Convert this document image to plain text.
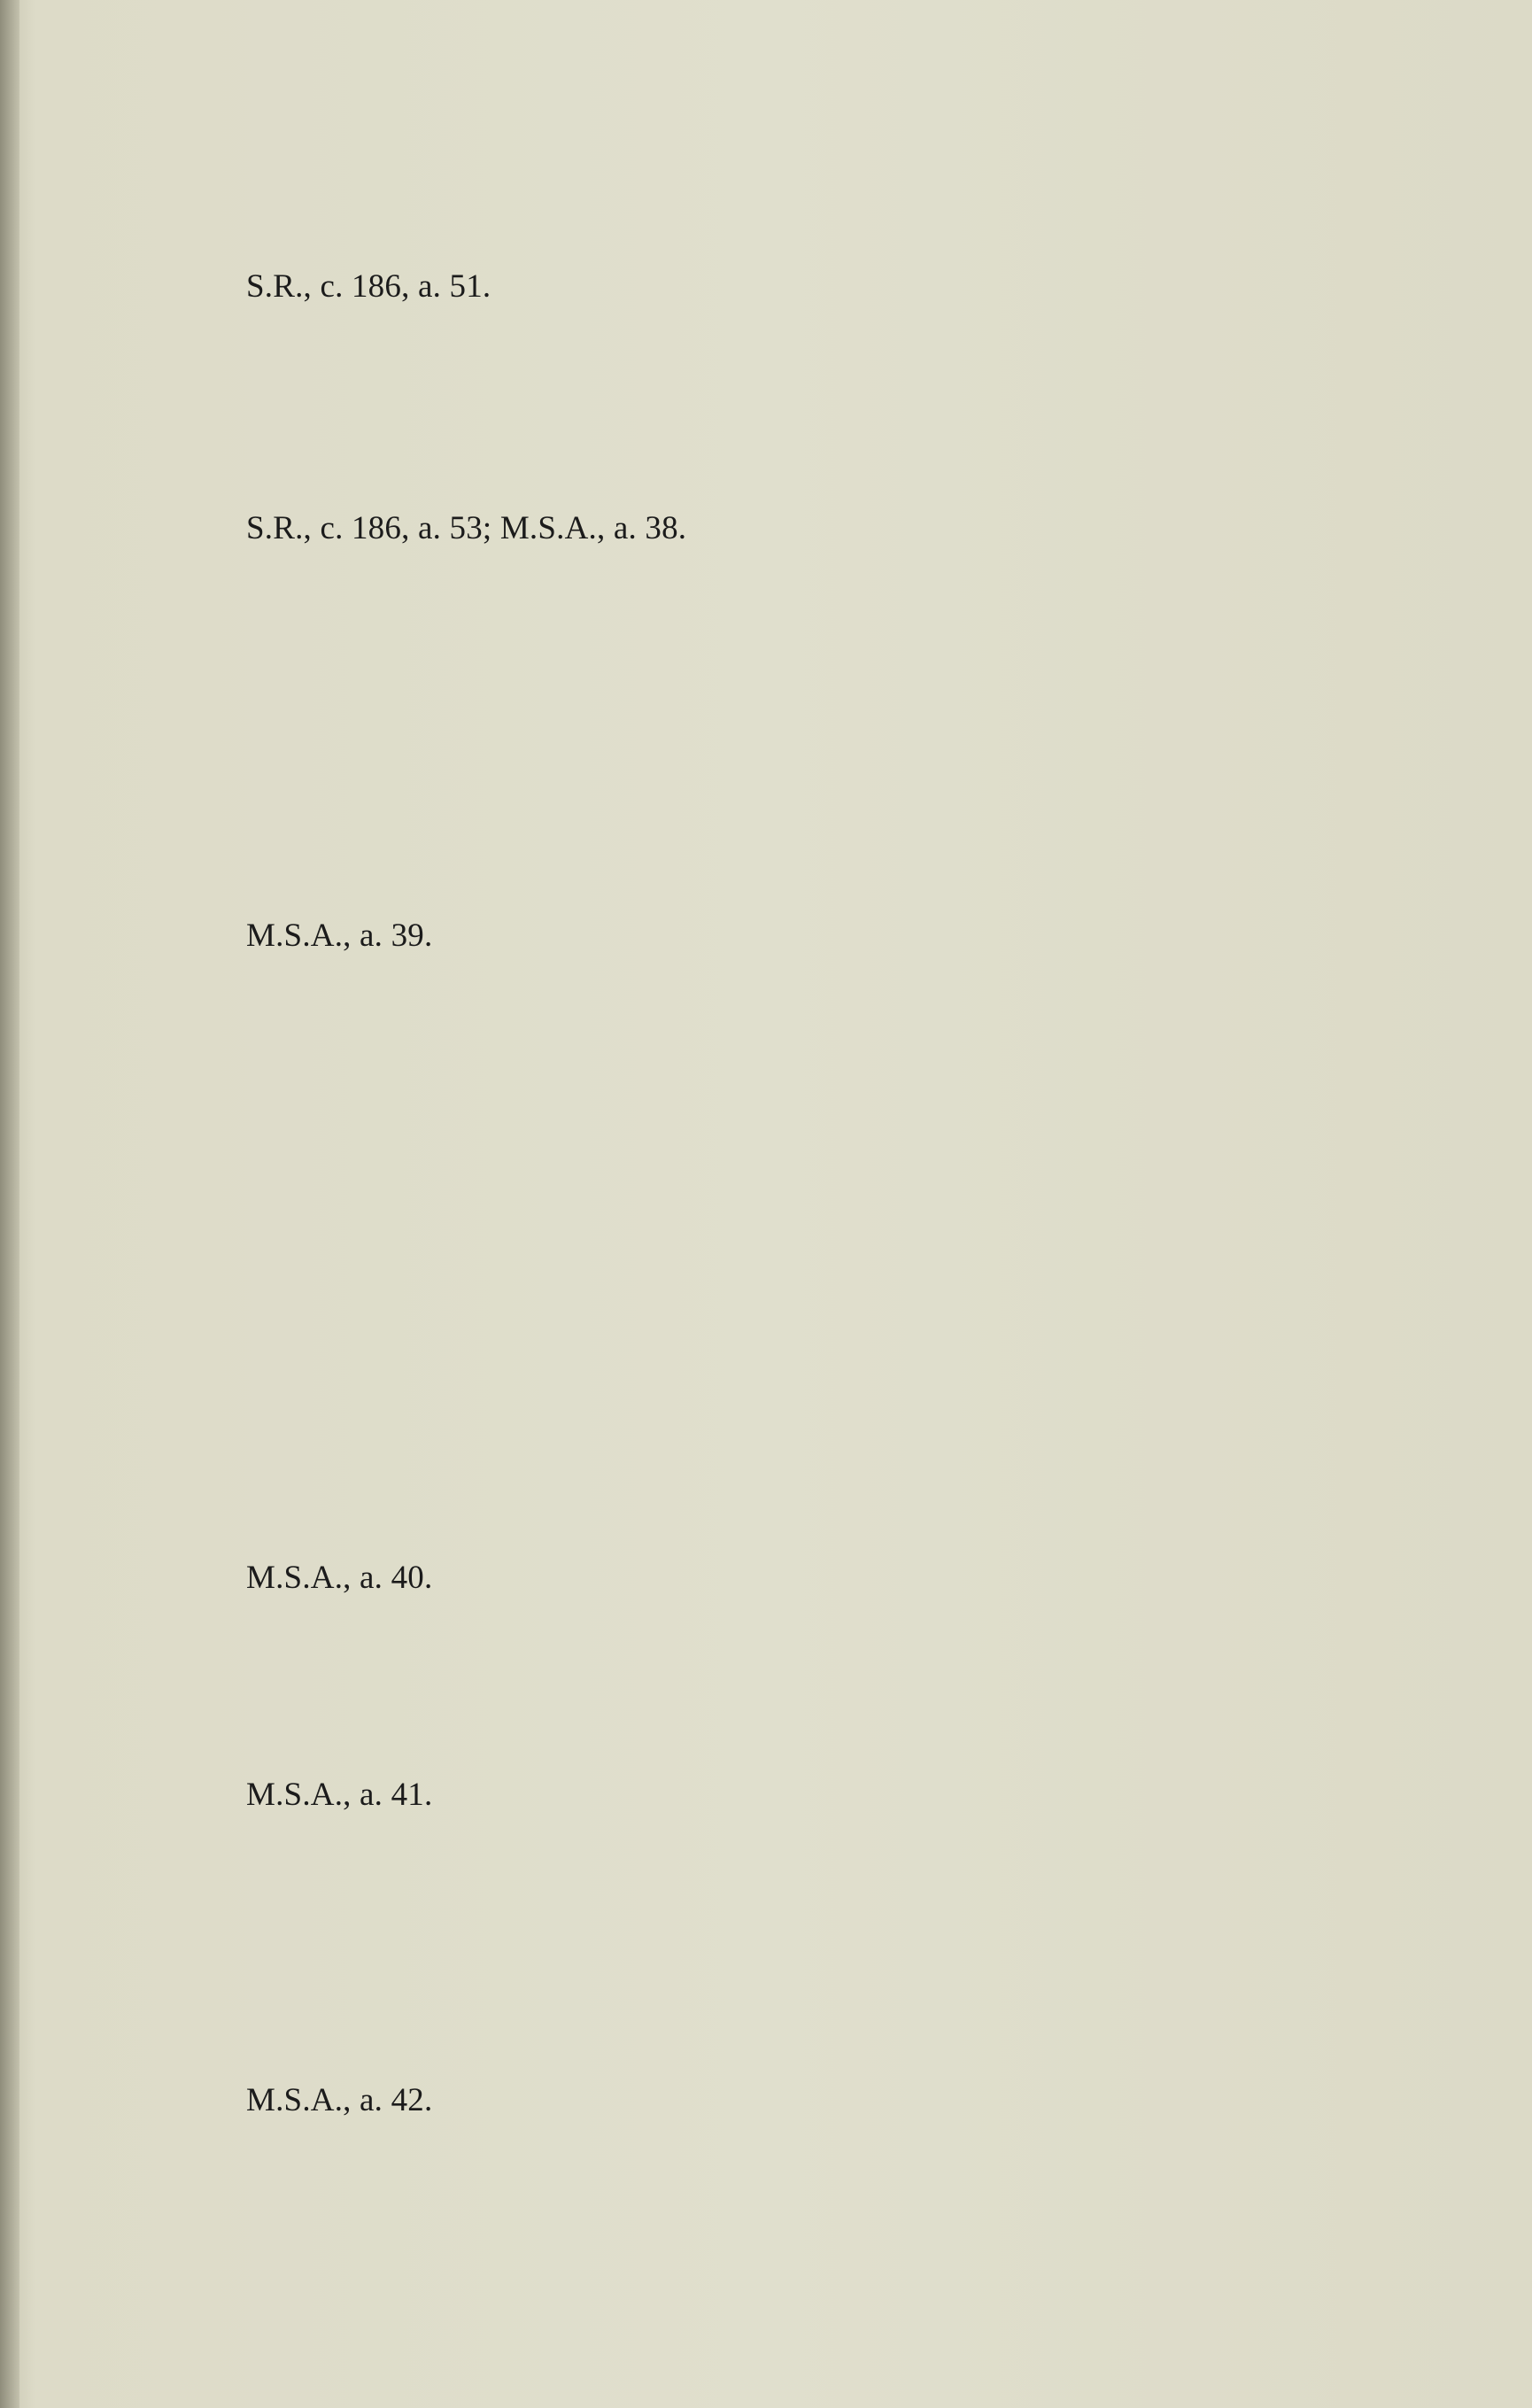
S.R., c. 186, a. 51.
S.R., c. 186, a. 53; M.S.A., a. 38.
M.S.A., a. 39.
M.S.A., a. 40.
M.S.A., a. 41.
M.S.A., a. 42.
